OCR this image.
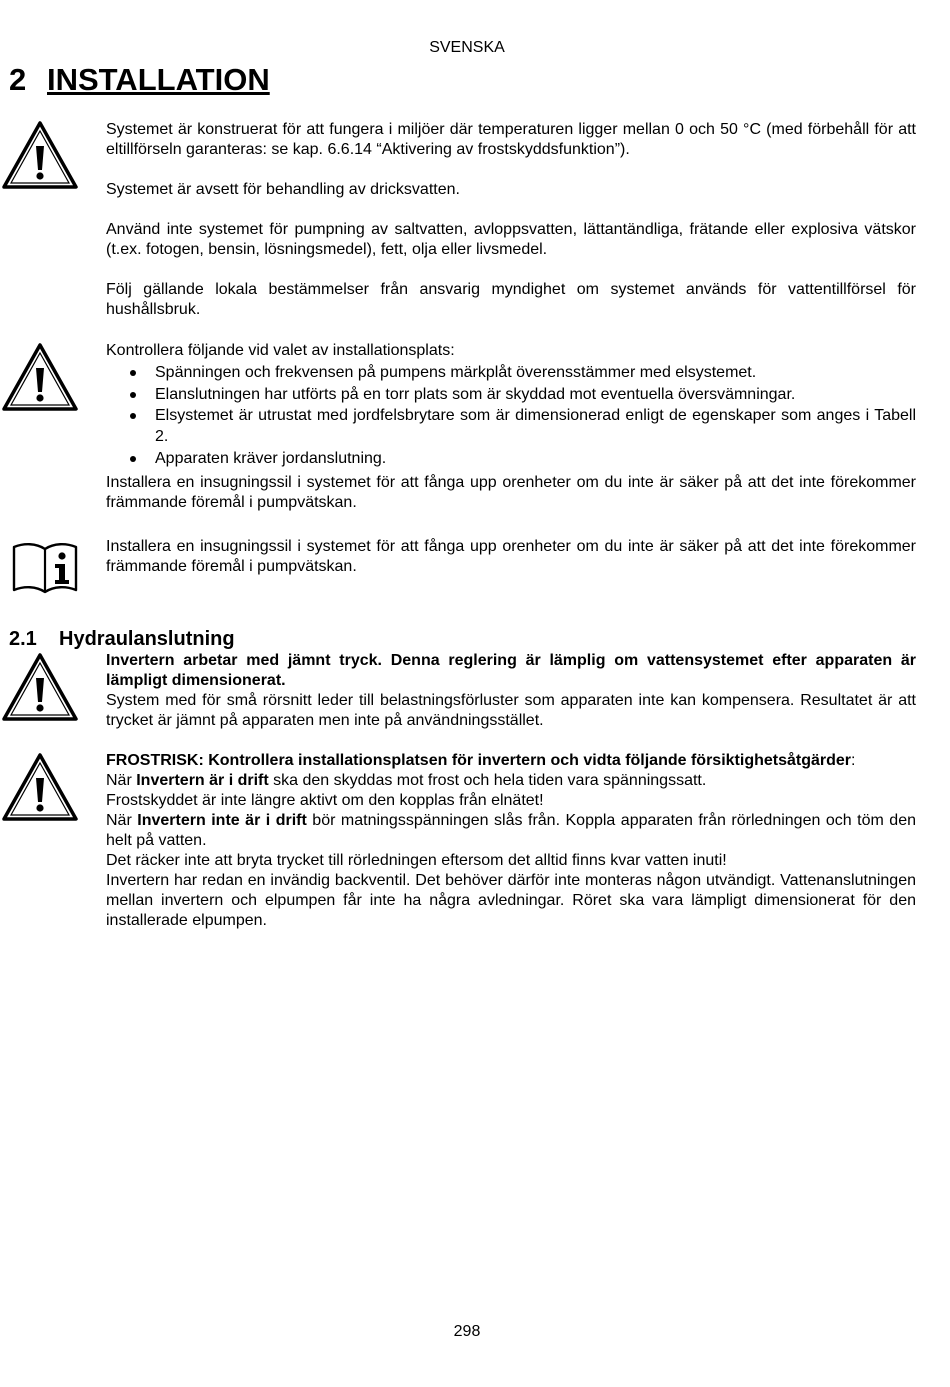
SVENSKA
2 INSTALLATION

Systemet är konstruerat för att fungera i miljöer där temperaturen ligger mellan 0 och 50 °C (med förbehåll för att eltillförseln garanteras: se kap. 6.6.14 “Aktivering av frostskyddsfunktion”).

Systemet är avsett för behandling av dricksvatten.

Använd inte systemet för pumpning av saltvatten, avloppsvatten, lättantändliga, frätande eller explosiva vätskor (t.ex. fotogen, bensin, lösningsmedel), fett, olja eller livsmedel.

Följ gällande lokala bestämmelser från ansvarig myndighet om systemet används för vattentillförsel för hushållsbruk.

Kontrollera följande vid valet av installationsplats:

Spänningen och frekvensen på pumpens märkplåt överensstämmer med elsystemet.
Elanslutningen har utförts på en torr plats som är skyddad mot eventuella översvämningar.
Elsystemet är utrustat med jordfelsbrytare som är dimensionerad enligt de egenskaper som anges i Tabell 2.
Apparaten kräver jordanslutning.

Installera en insugningssil i systemet för att fånga upp orenheter om du inte är säker på att det inte förekommer främmande föremål i pumpvätskan.

Installera en insugningssil i systemet för att fånga upp orenheter om du inte är säker på att det inte förekommer främmande föremål i pumpvätskan.

2.1 Hydraulanslutning

Invertern arbetar med jämnt tryck. Denna reglering är lämplig om vattensystemet efter apparaten är lämpligt dimensionerat.

System med för små rörsnitt leder till belastningsförluster som apparaten inte kan kompensera. Resultatet är att trycket är jämnt på apparaten men inte på användningsstället.

FROSTRISK: Kontrollera installationsplatsen för invertern och vidta följande försiktighetsåtgärder:

När Invertern är i drift ska den skyddas mot frost och hela tiden vara spänningssatt.

Frostskyddet är inte längre aktivt om den kopplas från elnätet!

När Invertern inte är i drift bör matningsspänningen slås från. Koppla apparaten från rörledningen och töm den helt på vatten.

Det räcker inte att bryta trycket till rörledningen eftersom det alltid finns kvar vatten inuti!

Invertern har redan en invändig backventil. Det behöver därför inte monteras någon utvändigt. Vattenanslutningen mellan invertern och elpumpen får inte ha några avledningar. Röret ska vara lämpligt dimensionerat för den installerade elpumpen.

298
